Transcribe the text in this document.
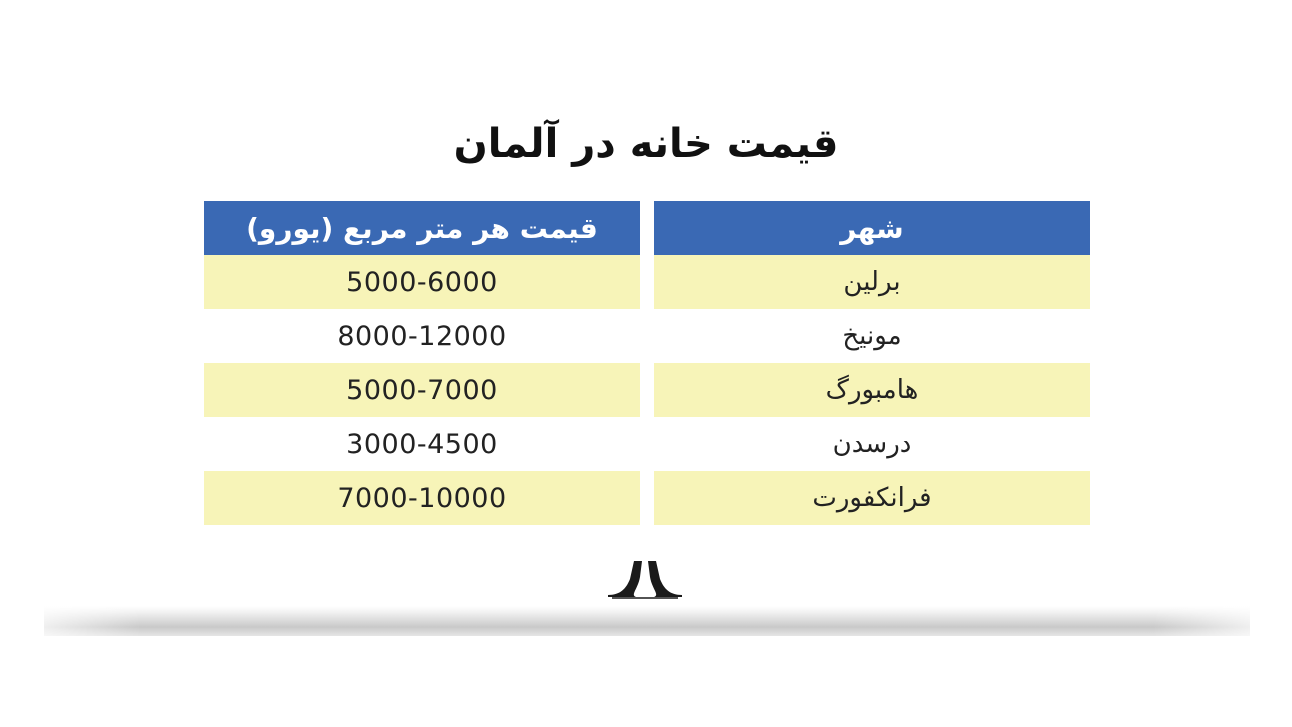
قیمت خانه در آلمان
شهر
قیمت هر متر مربع (یورو)
برلین
5000-6000
مونیخ
8000-12000
هامبورگ
5000-7000
درسدن
3000-4500
فرانکفورت
7000-10000
